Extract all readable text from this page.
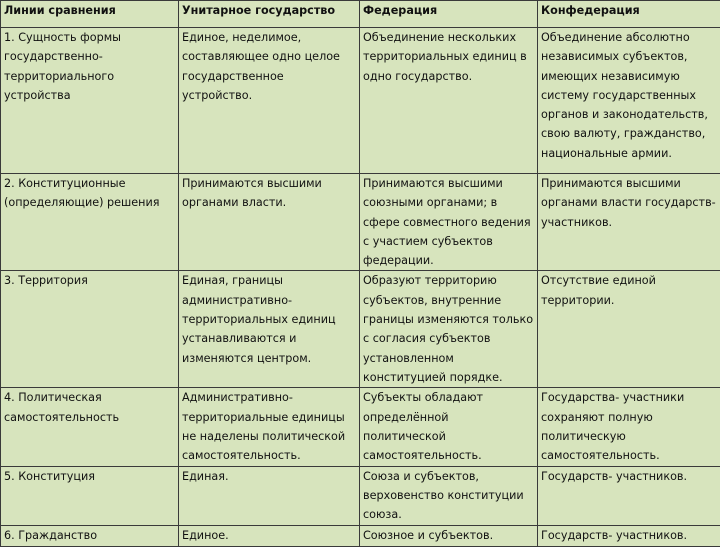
Линии сравнения	Унитарное государство	Федерация	Конфедерация
1. Сущность формы государственно-территориального устройства	Единое, неделимое, составляющее одно целое государственное устройство.	Объединение нескольких территориальных единиц в одно государство.	Объединение абсолютно независимых субъектов, имеющих независимую систему государственных органов и законодательств, свою валюту, гражданство, национальные армии.
2. Конституционные (определяющие) решения	Принимаются высшими органами власти.	Принимаются высшими союзными органами; в сфере совместного ведения с участием субъектов федерации.	Принимаются высшими органами власти государств-участников.
3. Территория	Единая, границы административно-территориальных единиц устанавливаются и изменяются центром.	Образуют территорию субъектов, внутренние границы изменяются только с согласия субъектов установленном конституцией порядке.	Отсутствие единой территории.
4. Политическая самостоятельность	Административно-территориальные единицы не наделены политической самостоятельность.	Субъекты обладают определённой политической самостоятельность.	Государства- участники сохраняют полную политическую самостоятельность.
5. Конституция	Единая.	Союза и субъектов, верховенство конституции союза.	Государств- участников.
6. Гражданство	Единое.	Союзное и субъектов.	Государств- участников.
